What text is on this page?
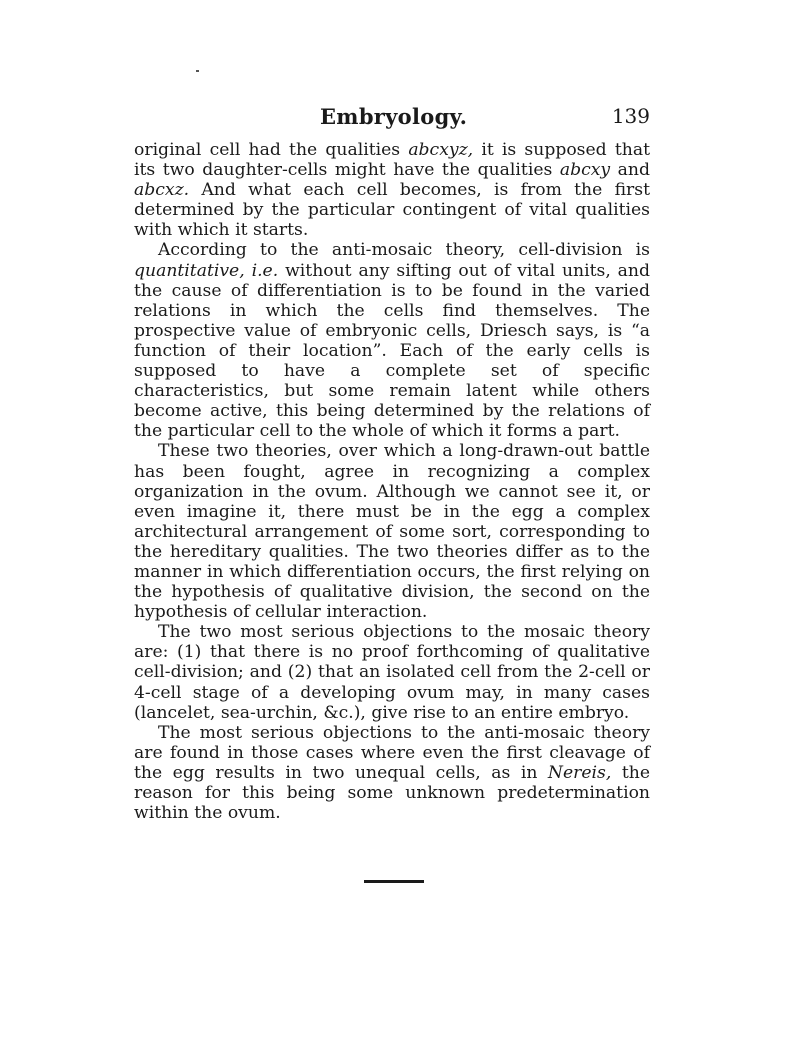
Embryology.	139

original cell had the qualities abcxyz, it is supposed that its two daughter-cells might have the qualities abcxy and abcxz. And what each cell becomes, is from the first determined by the particular contingent of vital qualities with which it starts.

According to the anti-mosaic theory, cell-division is quantitative, i.e. without any sifting out of vital units, and the cause of differentiation is to be found in the varied relations in which the cells find themselves. The prospective value of embryonic cells, Driesch says, is “a function of their location”. Each of the early cells is supposed to have a complete set of specific characteristics, but some remain latent while others become active, this being determined by the relations of the particular cell to the whole of which it forms a part.

These two theories, over which a long-drawn-out battle has been fought, agree in recognizing a complex organization in the ovum. Although we cannot see it, or even imagine it, there must be in the egg a complex architectural arrangement of some sort, corresponding to the hereditary qualities. The two theories differ as to the manner in which differentiation occurs, the first relying on the hypothesis of qualitative division, the second on the hypothesis of cellular interaction.

The two most serious objections to the mosaic theory are: (1) that there is no proof forthcoming of qualitative cell-division; and (2) that an isolated cell from the 2-cell or 4-cell stage of a developing ovum may, in many cases (lancelet, sea-urchin, &c.), give rise to an entire embryo.

The most serious objections to the anti-mosaic theory are found in those cases where even the first cleavage of the egg results in two unequal cells, as in Nereis, the reason for this being some unknown predetermination within the ovum.
